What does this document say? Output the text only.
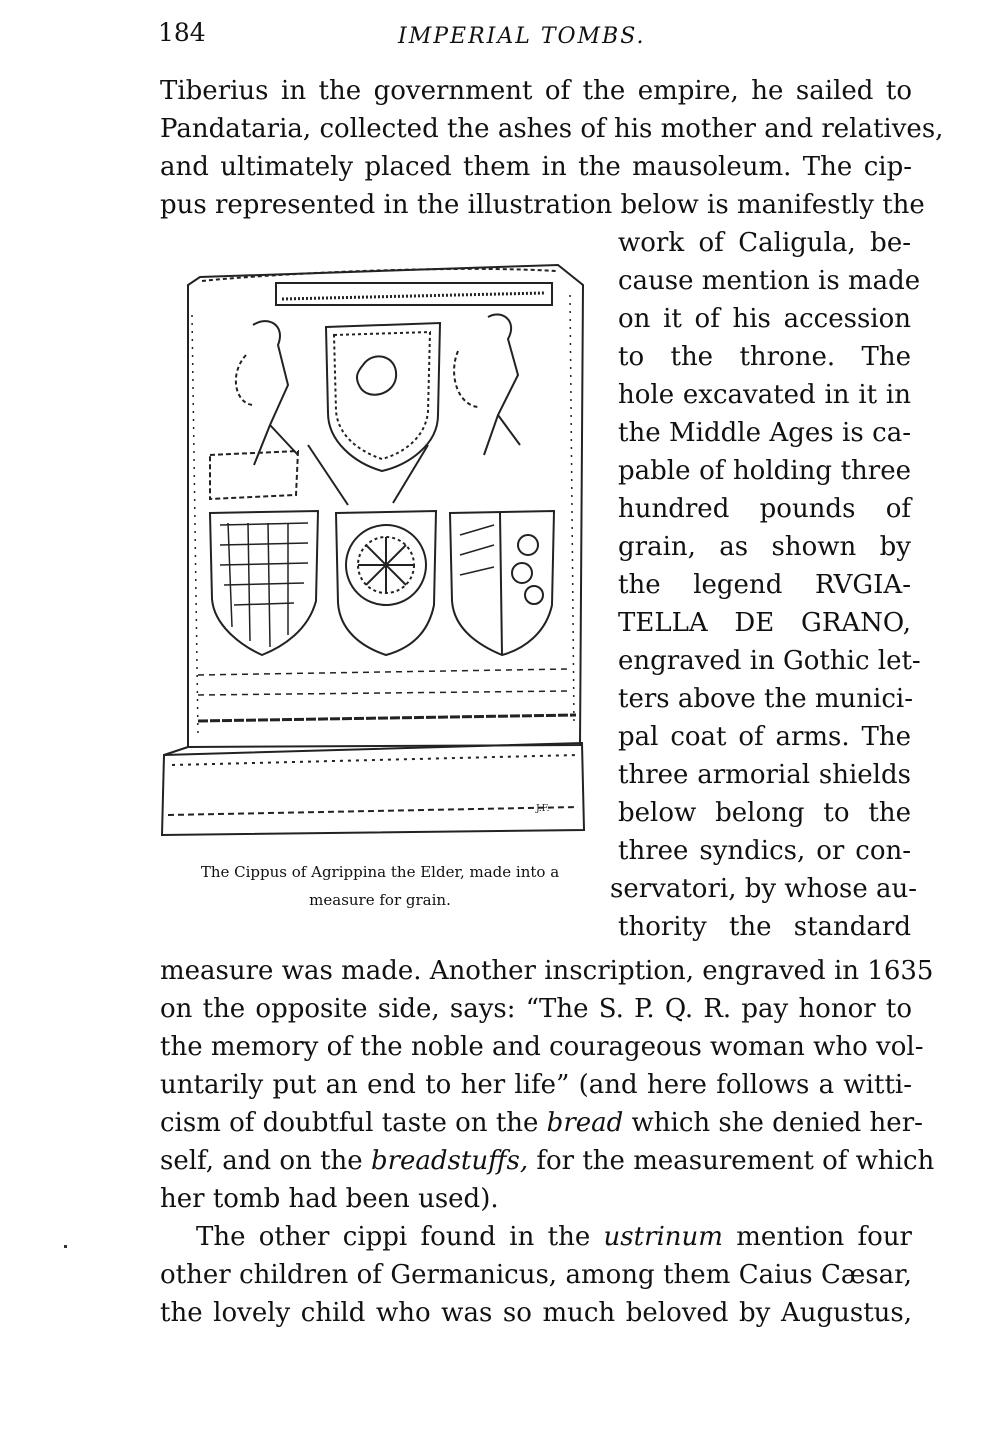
184	IMPERIAL TOMBS.
Tiberius in the government of the empire, he sailed to
Pandataria, collected the ashes of his mother and relatives,
and ultimately placed them in the mausoleum. The cip-
pus represented in the illustration below is manifestly the
work of Caligula, be-
cause mention is made
on it of his accession
to the throne. The
hole excavated in it in
the Middle Ages is ca-
pable of holding three
hundred pounds of
grain, as shown by
the legend RVGIA-
TELLA DE GRANO,
engraved in Gothic let-
ters above the munici-
pal coat of arms. The
three armorial shields
below belong to the
three syndics, or con-
servatori, by whose au-
thority the standard
J.F.
The Cippus of Agrippina the Elder, made into a
measure for grain.
measure was made. Another inscription, engraved in 1635
on the opposite side, says: “The S. P. Q. R. pay honor to
the memory of the noble and courageous woman who vol-
untarily put an end to her life” (and here follows a witti-
cism of doubtful taste on the bread which she denied her-
self, and on the breadstuffs, for the measurement of which
her tomb had been used).
The other cippi found in the ustrinum mention four
other children of Germanicus, among them Caius Cæsar,
the lovely child who was so much beloved by Augustus,
